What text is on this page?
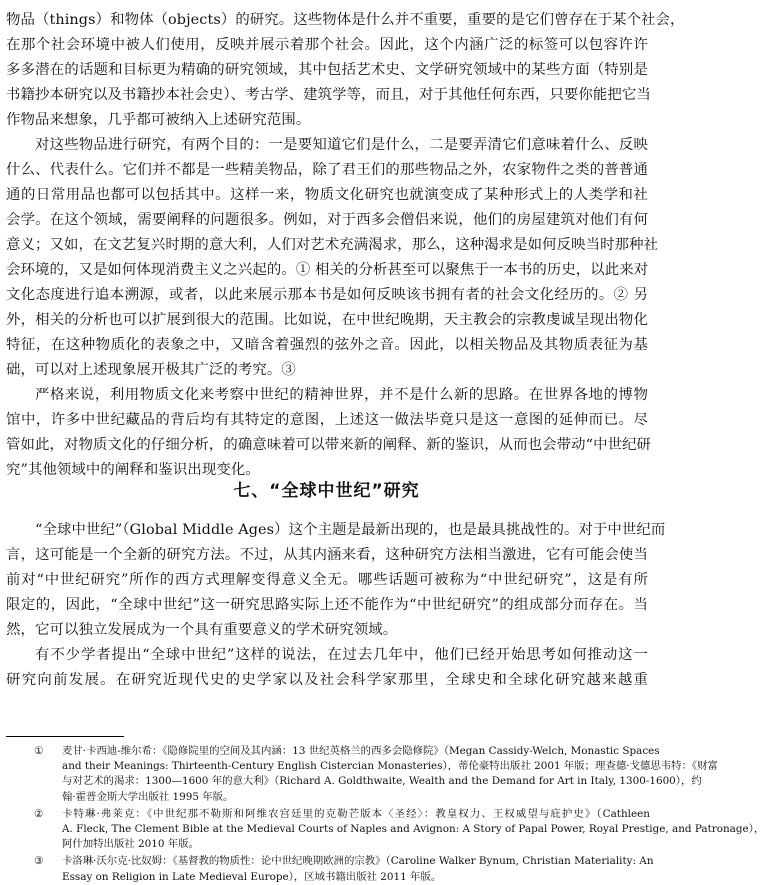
物品（things）和物体（objects）的研究。这些物体是什么并不重要，重要的是它们曾存在于某个社会，
在那个社会环境中被人们使用，反映并展示着那个社会。因此，这个内涵广泛的标签可以包容许许
多多潜在的话题和目标更为精确的研究领域，其中包括艺术史、文学研究领域中的某些方面（特别是
书籍抄本研究以及书籍抄本社会史）、考古学、建筑学等，而且，对于其他任何东西，只要你能把它当
作物品来想象，几乎都可被纳入上述研究范围。
对这些物品进行研究，有两个目的：一是要知道它们是什么，二是要弄清它们意味着什么、反映
什么、代表什么。它们并不都是一些精美物品，除了君王们的那些物品之外，农家物件之类的普普通
通的日常用品也都可以包括其中。这样一来，物质文化研究也就演变成了某种形式上的人类学和社
会学。在这个领域，需要阐释的问题很多。例如，对于西多会僧侣来说，他们的房屋建筑对他们有何
意义；又如，在文艺复兴时期的意大利，人们对艺术充满渴求，那么，这种渴求是如何反映当时那种社
会环境的，又是如何体现消费主义之兴起的。① 相关的分析甚至可以聚焦于一本书的历史，以此来对
文化态度进行追本溯源，或者，以此来展示那本书是如何反映该书拥有者的社会文化经历的。② 另
外，相关的分析也可以扩展到很大的范围。比如说，在中世纪晚期，天主教会的宗教虔诚呈现出物化
特征，在这种物质化的表象之中，又暗含着强烈的弦外之音。因此，以相关物品及其物质表征为基
础，可以对上述现象展开极其广泛的考究。③
严格来说，利用物质文化来考察中世纪的精神世界，并不是什么新的思路。在世界各地的博物
馆中，许多中世纪藏品的背后均有其特定的意图，上述这一做法毕竟只是这一意图的延伸而已。尽
管如此，对物质文化的仔细分析，的确意味着可以带来新的阐释、新的鉴识，从而也会带动“中世纪研
究”其他领域中的阐释和鉴识出现变化。
七、“全球中世纪”研究
“全球中世纪”（Global Middle Ages）这个主题是最新出现的，也是最具挑战性的。对于中世纪而
言，这可能是一个全新的研究方法。不过，从其内涵来看，这种研究方法相当激进，它有可能会使当
前对“中世纪研究”所作的西方式理解变得意义全无。哪些话题可被称为“中世纪研究”，这是有所
限定的，因此，“全球中世纪”这一研究思路实际上还不能作为“中世纪研究”的组成部分而存在。当
然，它可以独立发展成为一个具有重要意义的学术研究领域。
有不少学者提出“全球中世纪”这样的说法，在过去几年中，他们已经开始思考如何推动这一
研究向前发展。在研究近现代史的史学家以及社会科学家那里，全球史和全球化研究越来越重
①	麦甘·卡西迪-维尔希：《隐修院里的空间及其内涵：13 世纪英格兰的西多会隐修院》（Megan Cassidy-Welch, Monastic Spaces
and their Meanings: Thirteenth-Century English Cistercian Monasteries），蒂伦豪特出版社 2001 年版；理查德·戈德思韦特：《财富
与对艺术的渴求：1300—1600 年的意大利》（Richard A. Goldthwaite, Wealth and the Demand for Art in Italy, 1300-1600），约
翰·霍普金斯大学出版社 1995 年版。
②	卡特琳·弗莱克：《中世纪那不勒斯和阿维农宫廷里的克勒芒版本〈圣经〉：教皇权力、王权威望与庇护史》（Cathleen
A. Fleck, The Clement Bible at the Medieval Courts of Naples and Avignon: A Story of Papal Power, Royal Prestige, and Patronage），
阿什加特出版社 2010 年版。
③	卡洛琳·沃尔克·比奴姆：《基督教的物质性：论中世纪晚期欧洲的宗教》（Caroline Walker Bynum, Christian Materiality: An
Essay on Religion in Late Medieval Europe），区域书籍出版社 2011 年版。
